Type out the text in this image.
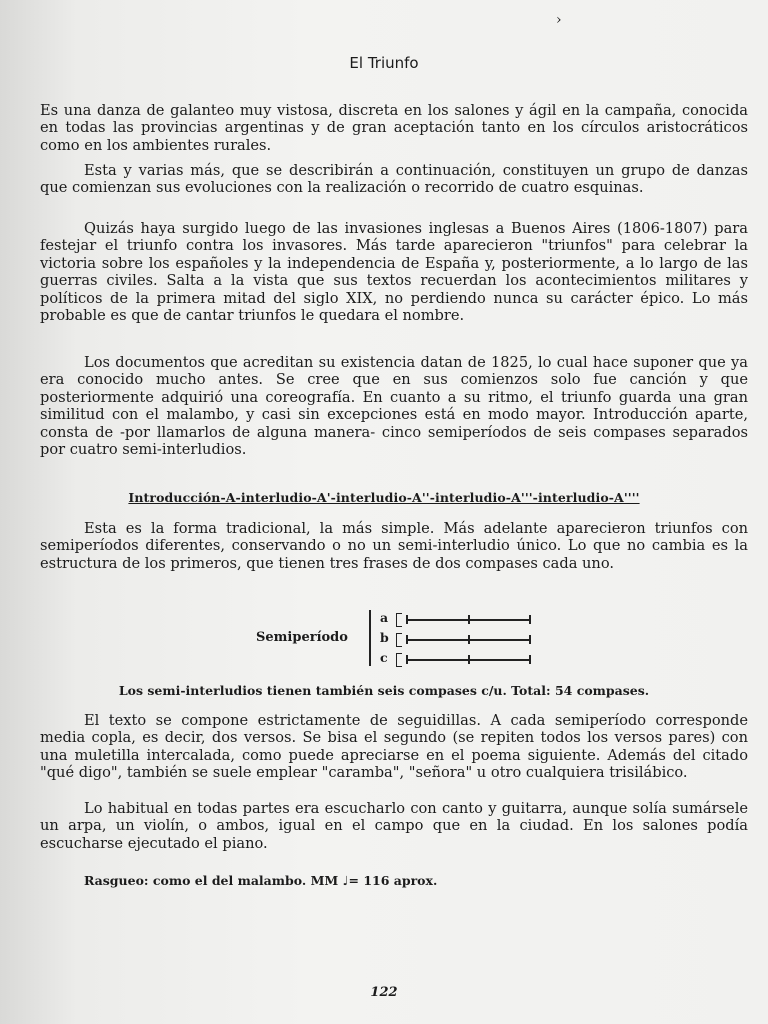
›
El Triunfo

Es una danza de galanteo muy vistosa, discreta en los salones y ágil en la campaña, conocida en todas las provincias argentinas y de gran aceptación tanto en los círculos aristocráticos como en los ambientes rurales.

Esta y varias más, que se describirán a continuación, constituyen un grupo de danzas que comienzan sus evoluciones con la realización o recorrido de cuatro esquinas.

Quizás haya surgido luego de las invasiones inglesas a Buenos Aires (1806-1807) para festejar el triunfo contra los invasores. Más tarde aparecieron "triunfos" para celebrar la victoria sobre los españoles y la independencia de España y, posteriormente, a lo largo de las guerras civiles. Salta a la vista que sus textos recuerdan los acontecimientos militares y políticos de la primera mitad del siglo XIX, no perdiendo nunca su carácter épico. Lo más probable es que de cantar triunfos le quedara el nombre.

Los documentos que acreditan su existencia datan de 1825, lo cual hace suponer que ya era conocido mucho antes. Se cree que en sus comienzos solo fue canción y que posteriormente adquirió una coreografía. En cuanto a su ritmo, el triunfo guarda una gran similitud con el malambo, y casi sin excepciones está en modo mayor. Introducción aparte, consta de -por llamarlos de alguna manera- cinco semiperíodos de seis compases separados por cuatro semi-interludios.

Introducción-A-interludio-A'-interludio-A''-interludio-A'''-interludio-A''''

Esta es la forma tradicional, la más simple. Más adelante aparecieron triunfos con semiperíodos diferentes, conservando o no un semi-interludio único. Lo que no cambia es la estructura de los primeros, que tienen tres frases de dos compases cada uno.

Semiperíodo
a
b
c
Los semi-interludios tienen también seis compases c/u. Total: 54 compases.

El texto se compone estrictamente de seguidillas. A cada semiperíodo corresponde media copla, es decir, dos versos. Se bisa el segundo (se repiten todos los versos pares) con una muletilla intercalada, como puede apreciarse en el poema siguiente. Además del citado "qué digo", también se suele emplear "caramba", "señora" u otro cualquiera trisilábico.

Lo habitual en todas partes era escucharlo con canto y guitarra, aunque solía sumársele un arpa, un violín, o ambos, igual en el campo que en la ciudad. En los salones podía escucharse ejecutado el piano.

Rasgueo: como el del malambo. MM ♩= 116 aprox.
122
